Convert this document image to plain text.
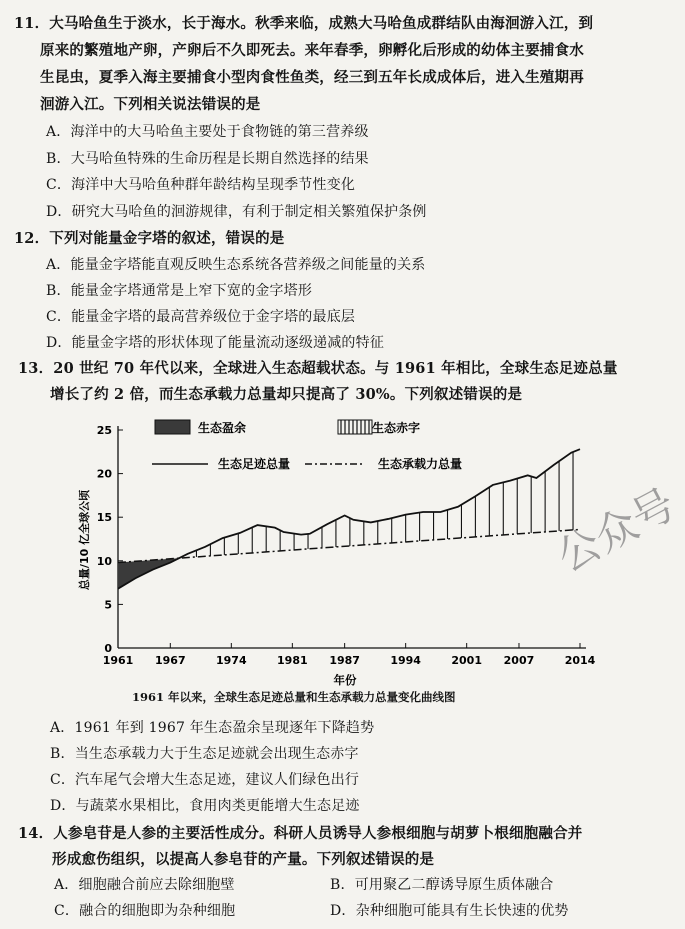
11．大马哈鱼生于淡水，长于海水。秋季来临，成熟大马哈鱼成群结队由海洄游入江，到
原来的繁殖地产卵，产卵后不久即死去。来年春季，卵孵化后形成的幼体主要捕食水
生昆虫，夏季入海主要捕食小型肉食性鱼类，经三到五年长成成体后，进入生殖期再
洄游入江。下列相关说法错误的是
A．海洋中的大马哈鱼主要处于食物链的第三营养级
B．大马哈鱼特殊的生命历程是长期自然选择的结果
C．海洋中大马哈鱼种群年龄结构呈现季节性变化
D．研究大马哈鱼的洄游规律，有利于制定相关繁殖保护条例
12．下列对能量金字塔的叙述，错误的是
A．能量金字塔能直观反映生态系统各营养级之间能量的关系
B．能量金字塔通常是上窄下宽的金字塔形
C．能量金字塔的最高营养级位于金字塔的最底层
D．能量金字塔的形状体现了能量流动逐级递减的特征
13．20 世纪 70 年代以来，全球进入生态超载状态。与 1961 年相比，全球生态足迹总量
增长了约 2 倍，而生态承载力总量却只提高了 30%。下列叙述错误的是
0
5
10
15
20
25
1961 1967	1974	1981 1987	1994	2001 2007	2014
生态盈余	生态赤字
生态足迹总量	生态承载力总量
总量/10 亿全球公顷
年份
1961 年以来，全球生态足迹总量和生态承载力总量变化曲线图
A．1961 年到 1967 年生态盈余呈现逐年下降趋势
B．当生态承载力大于生态足迹就会出现生态赤字
C．汽车尾气会增大生态足迹，建议人们绿色出行
D．与蔬菜水果相比，食用肉类更能增大生态足迹
14．人参皂苷是人参的主要活性成分。科研人员诱导人参根细胞与胡萝卜根细胞融合并
形成愈伤组织，以提高人参皂苷的产量。下列叙述错误的是
A．细胞融合前应去除细胞壁	B．可用聚乙二醇诱导原生质体融合
C．融合的细胞即为杂种细胞	D．杂种细胞可能具有生长快速的优势
公众号
